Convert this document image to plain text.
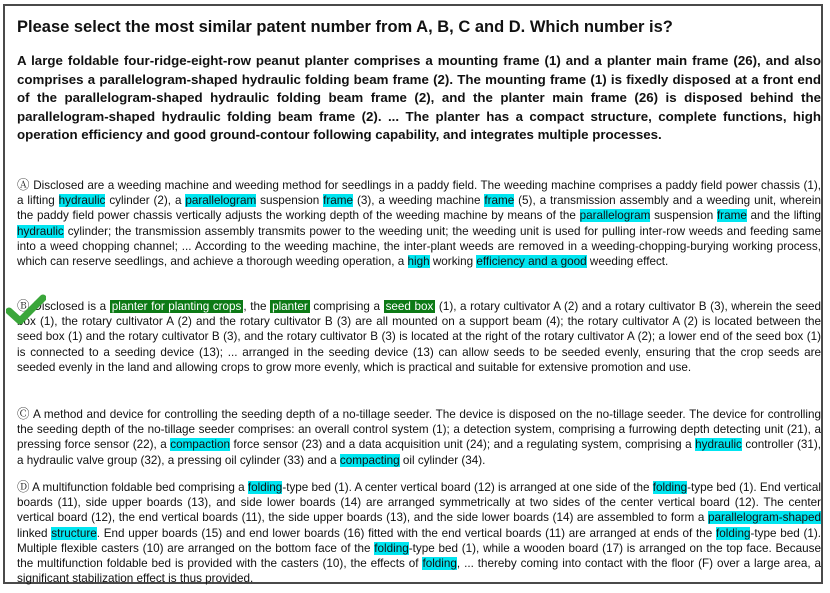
Please select the most similar patent number from A, B, C and D. Which number is?

A large foldable four-ridge-eight-row peanut planter comprises a mounting frame (1) and a planter main frame (26), and also comprises a parallelogram-shaped hydraulic folding beam frame (2). The mounting frame (1) is fixedly disposed at a front end of the parallelogram-shaped hydraulic folding beam frame (2), and the planter main frame (26) is disposed behind the parallelogram-shaped hydraulic folding beam frame (2). ... The planter has a compact structure, complete functions, high operation efficiency and good ground-contour following capability, and integrates multiple processes.

Ⓐ Disclosed are a weeding machine and weeding method for seedlings in a paddy field. The weeding machine comprises a paddy field power chassis (1), a lifting hydraulic cylinder (2), a parallelogram suspension frame (3), a weeding machine frame (5), a transmission assembly and a weeding unit, wherein the paddy field power chassis vertically adjusts the working depth of the weeding machine by means of the parallelogram suspension frame and the lifting hydraulic cylinder; the transmission assembly transmits power to the weeding unit; the weeding unit is used for pulling inter-row weeds and feeding same into a weed chopping channel; ... According to the weeding machine, the inter-plant weeds are removed in a weeding-chopping-burying working process, which can reserve seedlings, and achieve a thorough weeding operation, a high working efficiency and a good weeding effect.

Ⓑ Disclosed is a planter for planting crops , the planter comprising a seed box (1), a rotary cultivator A (2) and a rotary cultivator B (3), wherein the seed box (1), the rotary cultivator A (2) and the rotary cultivator B (3) are all mounted on a support beam (4); the rotary cultivator A (2) is located between the seed box (1) and the rotary cultivator B (3), and the rotary cultivator B (3) is located at the right of the rotary cultivator A (2); a lower end of the seed box (1) is connected to a seeding device (13); ... arranged in the seeding device (13) can allow seeds to be seeded evenly, ensuring that the crop seeds are seeded evenly in the land and allowing crops to grow more evenly, which is practical and suitable for extensive promotion and use.

Ⓒ A method and device for controlling the seeding depth of a no-tillage seeder. The device is disposed on the no-tillage seeder. The device for controlling the seeding depth of the no-tillage seeder comprises: an overall control system (1); a detection system, comprising a furrowing depth detecting unit (21), a pressing force sensor (22), a compaction force sensor (23) and a data acquisition unit (24); and a regulating system, comprising a hydraulic controller (31), a hydraulic valve group (32), a pressing oil cylinder (33) and a compacting oil cylinder (34).

Ⓓ A multifunction foldable bed comprising a folding-type bed (1). A center vertical board (12) is arranged at one side of the folding-type bed (1). End vertical boards (11), side upper boards (13), and side lower boards (14) are arranged symmetrically at two sides of the center vertical board (12). The center vertical board (12), the end vertical boards (11), the side upper boards (13), and the side lower boards (14) are assembled to form a parallelogram-shaped linked structure. End upper boards (15) and end lower boards (16) fitted with the end vertical boards (11) are arranged at ends of the folding-type bed (1). Multiple flexible casters (10) are arranged on the bottom face of the folding-type bed (1), while a wooden board (17) is arranged on the top face. Because the multifunction foldable bed is provided with the casters (10), the effects of folding, ... thereby coming into contact with the floor (F) over a large area, a significant stabilization effect is thus provided.
